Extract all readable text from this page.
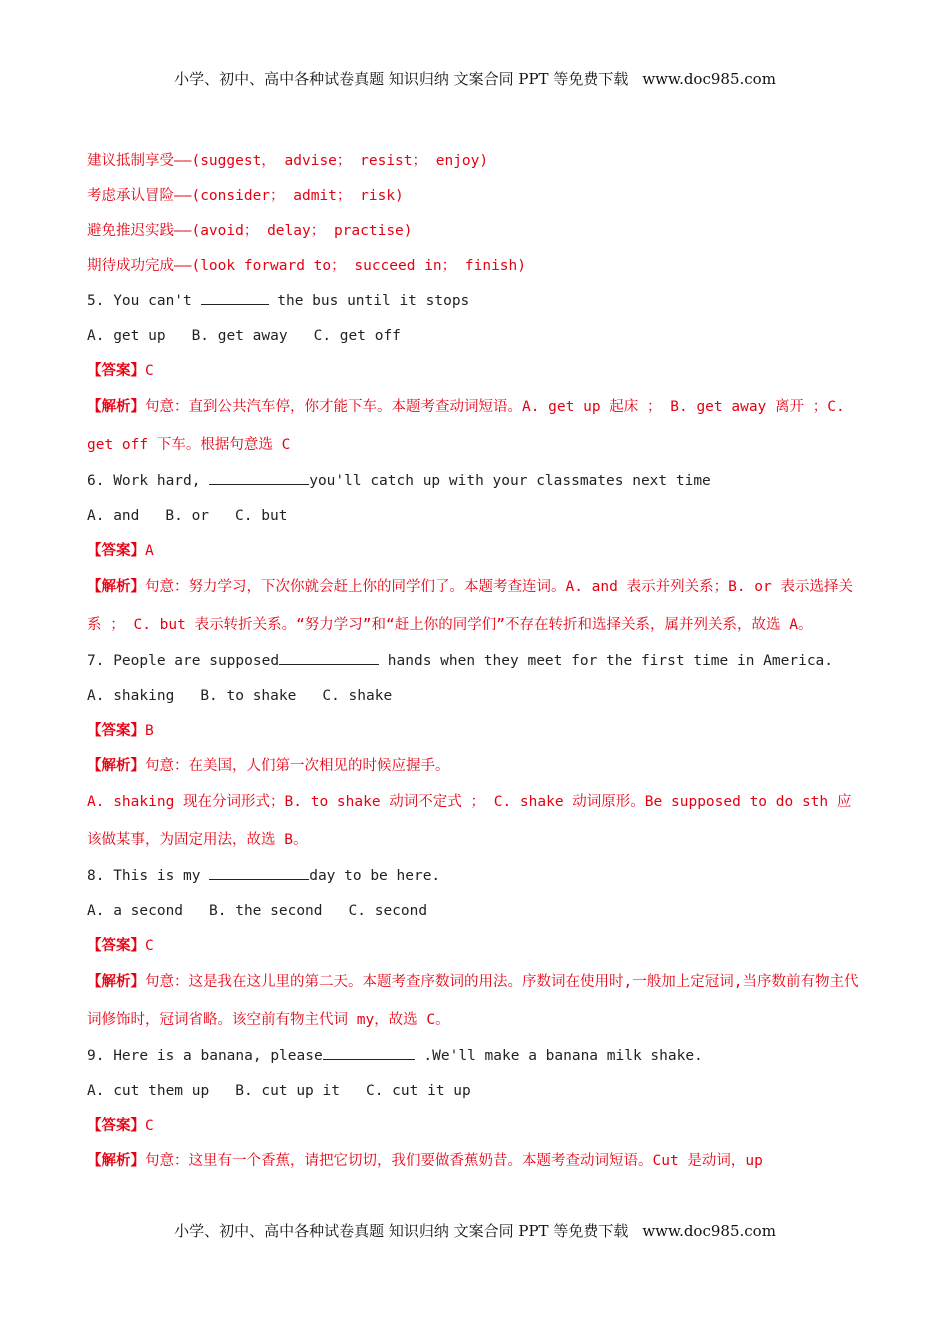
小学、初中、高中各种试卷真题 知识归纳 文案合同 PPT 等免费下载 www.doc985.com
建议抵制享受——(suggest， advise； resist； enjoy)
考虑承认冒险——(consider； admit； risk)
避免推迟实践——(avoid； delay； practise)
期待成功完成——(look forward to； succeed in； finish)
5. You can't	the bus until it stops
A. get up B. get away C. get off
【答案】C
【解析】句意：直到公共汽车停，你才能下车。本题考查动词短语。A. get up 起床 ； B. get away 离开 ；C. get off 下车。根据句意选 C
6. Work hard,	you'll catch up with your classmates next time
A. and B. or C. but
【答案】A
【解析】句意：努力学习，下次你就会赶上你的同学们了。本题考查连词。A. and 表示并列关系；B. or 表示选择关系 ； C. but 表示转折关系。“努力学习”和“赶上你的同学们”不存在转折和选择关系，属并列关系，故选 A。
7. People are supposed	hands when they meet for the first time in America.
A. shaking B. to shake C. shake
【答案】B
【解析】句意：在美国，人们第一次相见的时候应握手。
A. shaking 现在分词形式；B. to shake 动词不定式 ； C. shake 动词原形。Be supposed to do sth 应该做某事，为固定用法，故选 B。
8. This is my	day to be here.
A. a second B. the second C. second
【答案】C
【解析】句意：这是我在这儿里的第二天。本题考查序数词的用法。序数词在使用时,一般加上定冠词,当序数前有物主代词修饰时，冠词省略。该空前有物主代词 my，故选 C。
9. Here is a banana, please	.We'll make a banana milk shake.
A. cut them up B. cut up it C. cut it up
【答案】C
【解析】句意：这里有一个香蕉，请把它切切，我们要做香蕉奶昔。本题考查动词短语。Cut 是动词，up
小学、初中、高中各种试卷真题 知识归纳 文案合同 PPT 等免费下载 www.doc985.com
